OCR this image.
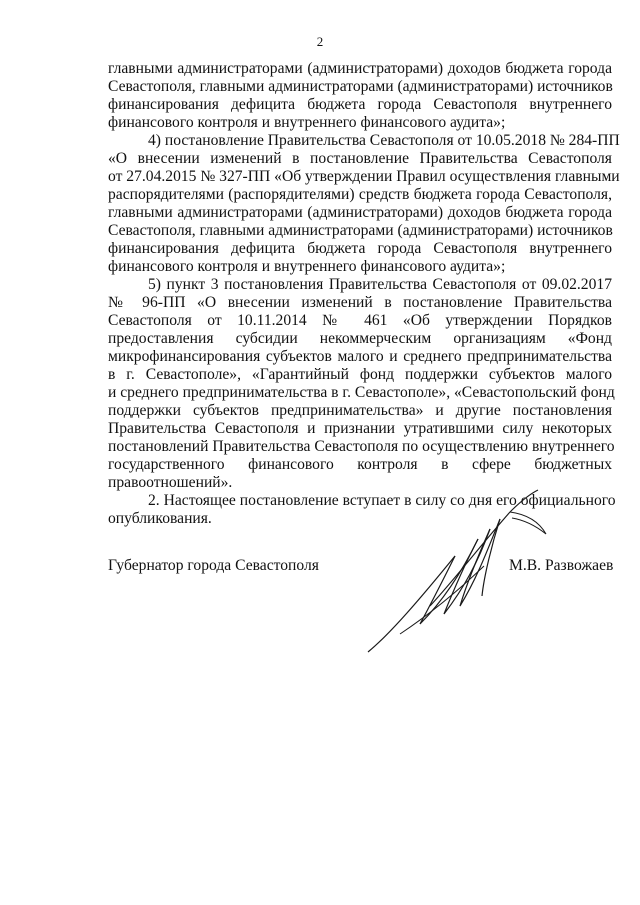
2
главными администраторами (администраторами) доходов бюджета города
Севастополя, главными администраторами (администраторами) источников
финансирования дефицита бюджета города Севастополя внутреннего
финансового контроля и внутреннего финансового аудита»;
4) постановление Правительства Севастополя от 10.05.2018 № 284-ПП
«О внесении изменений в постановление Правительства Севастополя
от 27.04.2015 № 327-ПП «Об утверждении Правил осуществления главными
распорядителями (распорядителями) средств бюджета города Севастополя,
главными администраторами (администраторами) доходов бюджета города
Севастополя, главными администраторами (администраторами) источников
финансирования дефицита бюджета города Севастополя внутреннего
финансового контроля и внутреннего финансового аудита»;
5) пункт 3 постановления Правительства Севастополя от 09.02.2017
№ 96-ПП «О внесении изменений в постановление Правительства
Севастополя от 10.11.2014 № 461 «Об утверждении Порядков
предоставления субсидии некоммерческим организациям «Фонд
микрофинансирования субъектов малого и среднего предпринимательства
в г. Севастополе», «Гарантийный фонд поддержки субъектов малого
и среднего предпринимательства в г. Севастополе», «Севастопольский фонд
поддержки субъектов предпринимательства» и другие постановления
Правительства Севастополя и признании утратившими силу некоторых
постановлений Правительства Севастополя по осуществлению внутреннего
государственного финансового контроля в сфере бюджетных
правоотношений».
2. Настоящее постановление вступает в силу со дня его официального
опубликования.
Губернатор города Севастополя	М.В. Развожаев
